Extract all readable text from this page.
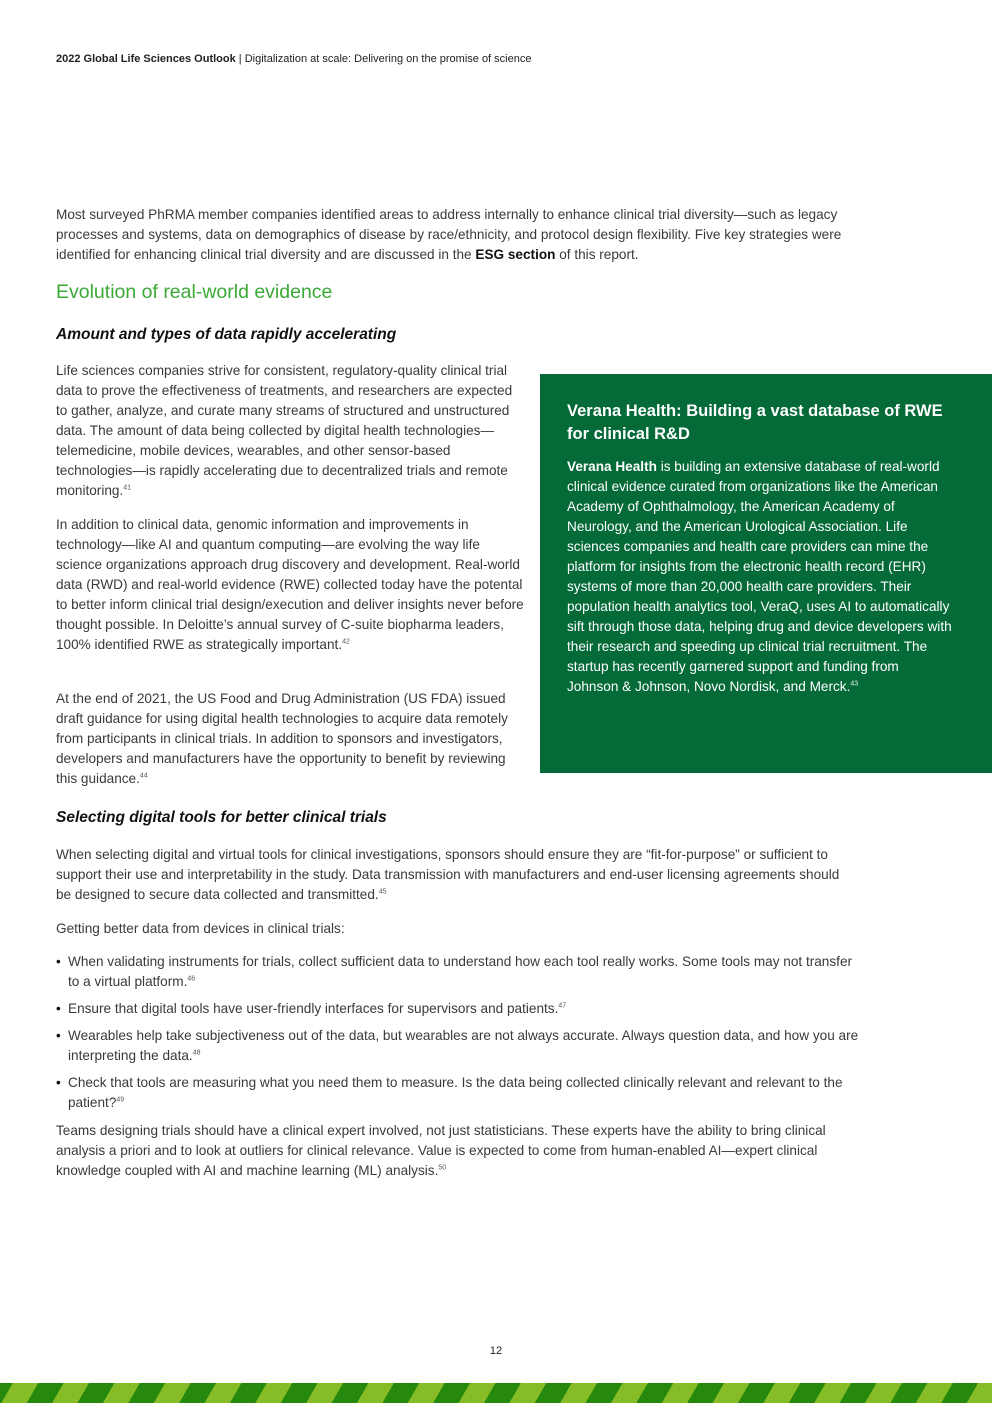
2022 Global Life Sciences Outlook | Digitalization at scale: Delivering on the promise of science

Most surveyed PhRMA member companies identified areas to address internally to enhance clinical trial diversity—such as legacy processes and systems, data on demographics of disease by race/ethnicity, and protocol design flexibility. Five key strategies were identified for enhancing clinical trial diversity and are discussed in the ESG section of this report.

Evolution of real-world evidence
Amount and types of data rapidly accelerating

Life sciences companies strive for consistent, regulatory-quality clinical trial data to prove the effectiveness of treatments, and researchers are expected to gather, analyze, and curate many streams of structured and unstructured data. The amount of data being collected by digital health technologies—telemedicine, mobile devices, wearables, and other sensor-based technologies—is rapidly accelerating due to decentralized trials and remote monitoring.$^{41}$

In addition to clinical data, genomic information and improvements in technology—like AI and quantum computing—are evolving the way life science organizations approach drug discovery and development. Real-world data (RWD) and real-world evidence (RWE) collected today have the potental to better inform clinical trial design/execution and deliver insights never before thought possible. In Deloitte’s annual survey of C-suite biopharma leaders, 100% identified RWE as strategically important.$^{42}$

At the end of 2021, the US Food and Drug Administration (US FDA) issued draft guidance for using digital health technologies to acquire data remotely from participants in clinical trials. In addition to sponsors and investigators, developers and manufacturers have the opportunity to benefit by reviewing this guidance.$^{44}$

Verana Health: Building a vast database of RWE for clinical R&D

Verana Health is building an extensive database of real-world clinical evidence curated from organizations like the American Academy of Ophthalmology, the American Academy of Neurology, and the American Urological Association. Life sciences companies and health care providers can mine the platform for insights from the electronic health record (EHR) systems of more than 20,000 health care providers. Their population health analytics tool, VeraQ, uses AI to automatically sift through those data, helping drug and device developers with their research and speeding up clinical trial recruitment. The startup has recently garnered support and funding from Johnson & Johnson, Novo Nordisk, and Merck.$^{43}$

Selecting digital tools for better clinical trials

When selecting digital and virtual tools for clinical investigations, sponsors should ensure they are “fit-for-purpose” or sufficient to support their use and interpretability in the study. Data transmission with manufacturers and end-user licensing agreements should be designed to secure data collected and transmitted.$^{45}$

Getting better data from devices in clinical trials:

• When validating instruments for trials, collect sufficient data to understand how each tool really works. Some tools may not transfer to a virtual platform.$^{46}$
• Ensure that digital tools have user-friendly interfaces for supervisors and patients.$^{47}$
• Wearables help take subjectiveness out of the data, but wearables are not always accurate. Always question data, and how you are interpreting the data.$^{48}$
• Check that tools are measuring what you need them to measure. Is the data being collected clinically relevant and relevant to the patient?$^{49}$

Teams designing trials should have a clinical expert involved, not just statisticians. These experts have the ability to bring clinical analysis a priori and to look at outliers for clinical relevance. Value is expected to come from human-enabled AI—expert clinical knowledge coupled with AI and machine learning (ML) analysis.$^{50}$

12
